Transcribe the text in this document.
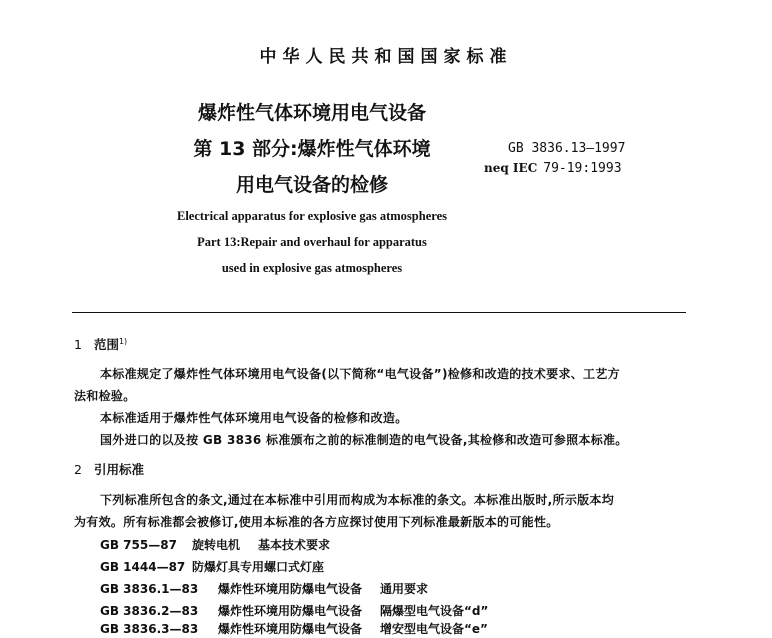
中华人民共和国国家标准
爆炸性气体环境用电气设备
第 13 部分:爆炸性气体环境
用电气设备的检修
GB 3836.13—1997
neq IEC 79-19:1993
Electrical apparatus for explosive gas atmospheres
Part 13:Repair and overhaul for apparatus
used in explosive gas atmospheres
1 范围$^{1)}$
本标准规定了爆炸性气体环境用电气设备(以下简称“电气设备”)检修和改造的技术要求、工艺方
法和检验。
本标准适用于爆炸性气体环境用电气设备的检修和改造。
国外进口的以及按 GB 3836 标准颁布之前的标准制造的电气设备,其检修和改造可参照本标准。
2 引用标准
下列标准所包含的条文,通过在本标准中引用而构成为本标准的条文。本标准出版时,所示版本均
为有效。所有标准都会被修订,使用本标准的各方应探讨使用下列标准最新版本的可能性。
GB 755—87 旋转电机 基本技术要求
GB 1444—87 防爆灯具专用螺口式灯座
GB 3836.1—83 爆炸性环境用防爆电气设备 通用要求
GB 3836.2—83 爆炸性环境用防爆电气设备 隔爆型电气设备“d”
GB 3836.3—83 爆炸性环境用防爆电气设备 增安型电气设备“e”
